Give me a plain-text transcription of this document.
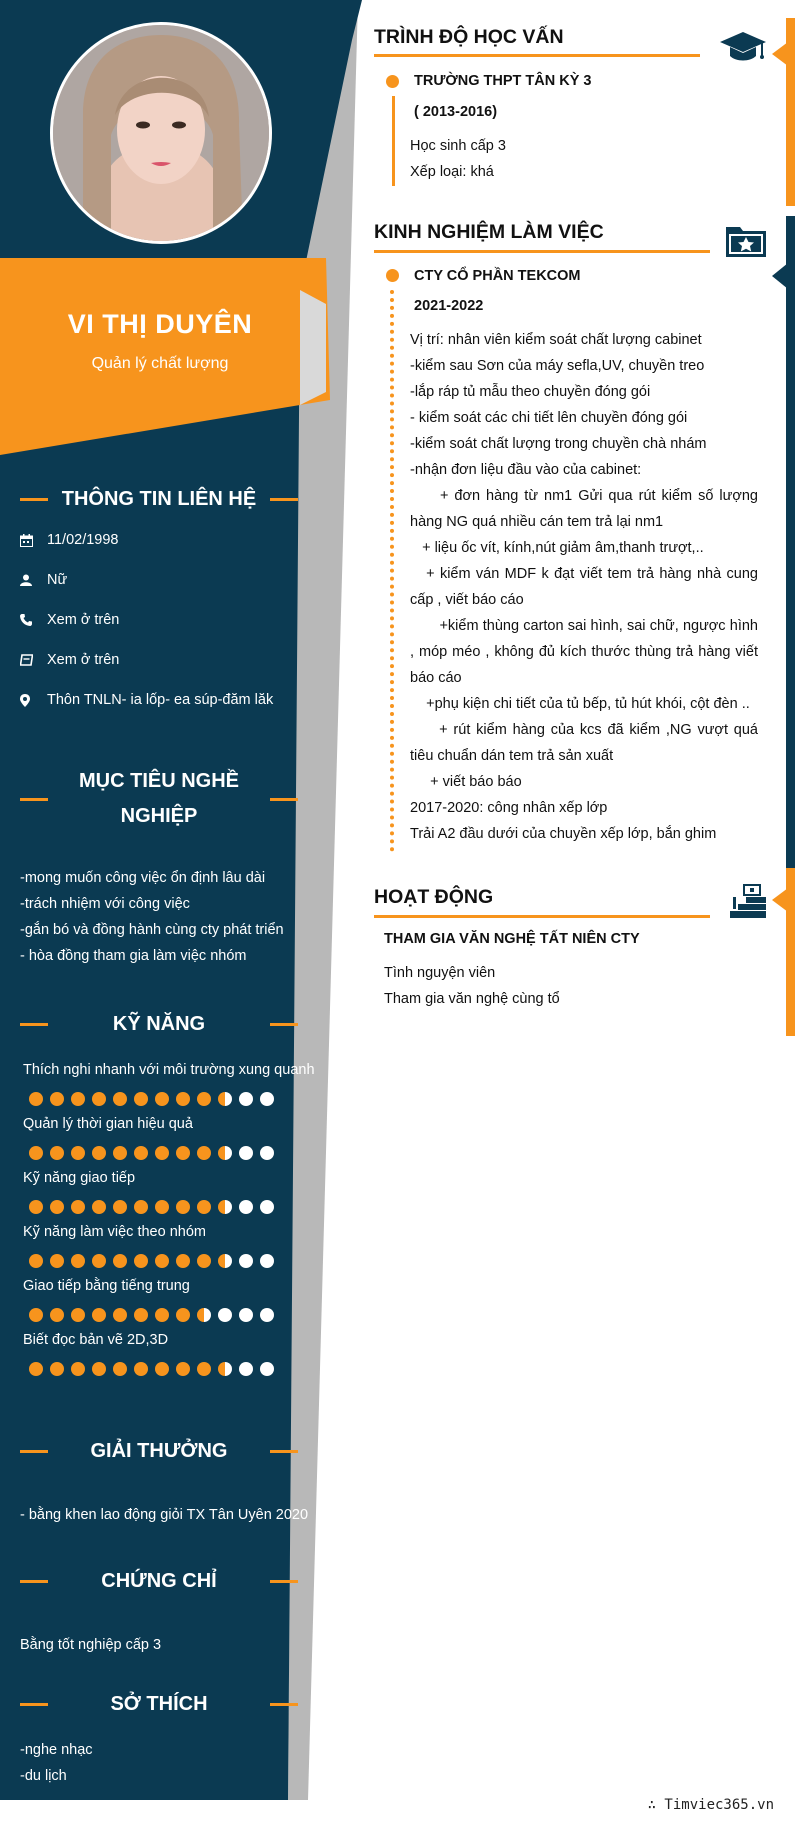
VI THỊ DUYÊN
Quản lý chất lượng
THÔNG TIN LIÊN HỆ
11/02/1998
Nữ
Xem ở trên
Xem ở trên
Thôn TNLN- ia lốp- ea súp-đăm lăk
MỤC TIÊU NGHỀ
NGHIỆP
-mong muốn công việc ổn định lâu dài
-trách nhiệm với công việc
-gắn bó và đồng hành cùng cty phát triển
- hòa đồng tham gia làm việc nhóm
KỸ NĂNG
Thích nghi nhanh với môi trường xung quanh
Quản lý thời gian hiệu quả
Kỹ năng giao tiếp
Kỹ năng làm việc theo nhóm
Giao tiếp bằng tiếng trung
Biết đọc bản vẽ 2D,3D
GIẢI THƯỞNG
- bằng khen lao động giỏi TX Tân Uyên 2020
CHỨNG CHỈ
Bằng tốt nghiệp cấp 3
SỞ THÍCH
-nghe nhạc
-du lịch
TRÌNH ĐỘ HỌC VẤN
TRƯỜNG THPT TÂN KỲ 3
( 2013-2016)
Học sinh cấp 3
Xếp loại: khá
KINH NGHIỆM LÀM VIỆC
CTY CỔ PHẦN TEKCOM
2021-2022
Vị trí: nhân viên kiểm soát chất lượng cabinet
-kiểm sau Sơn của máy sefla,UV, chuyền treo
-lắp ráp tủ mẫu theo chuyền đóng gói
- kiểm soát các chi tiết lên chuyền đóng gói
-kiểm soát chất lượng trong chuyền chà nhám
-nhận đơn liệu đầu vào của cabinet:
+ đơn hàng từ nm1 Gửi qua rút kiểm số lượng hàng NG quá nhiều cán tem trả lại nm1
+ liệu ốc vít, kính,nút giảm âm,thanh trượt,..
+ kiểm ván MDF k đạt viết tem trả hàng nhà cung cấp , viết báo cáo
+kiểm thùng carton sai hình, sai chữ, ngược hình , móp méo , không đủ kích thước thùng trả hàng viết báo cáo
+phụ kiện chi tiết của tủ bếp, tủ hút khói, cột đèn ..
+ rút kiểm hàng của kcs đã kiểm ,NG vượt quá tiêu chuẩn dán tem trả sản xuất
+ viết báo báo
2017-2020: công nhân xếp lớp
Trải A2 đầu dưới của chuyền xếp lớp, bắn ghim
HOẠT ĐỘNG
THAM GIA VĂN NGHỆ TẤT NIÊN CTY
Tình nguyện viên
Tham gia văn nghệ cùng tổ
∴ Timviec365.vn
